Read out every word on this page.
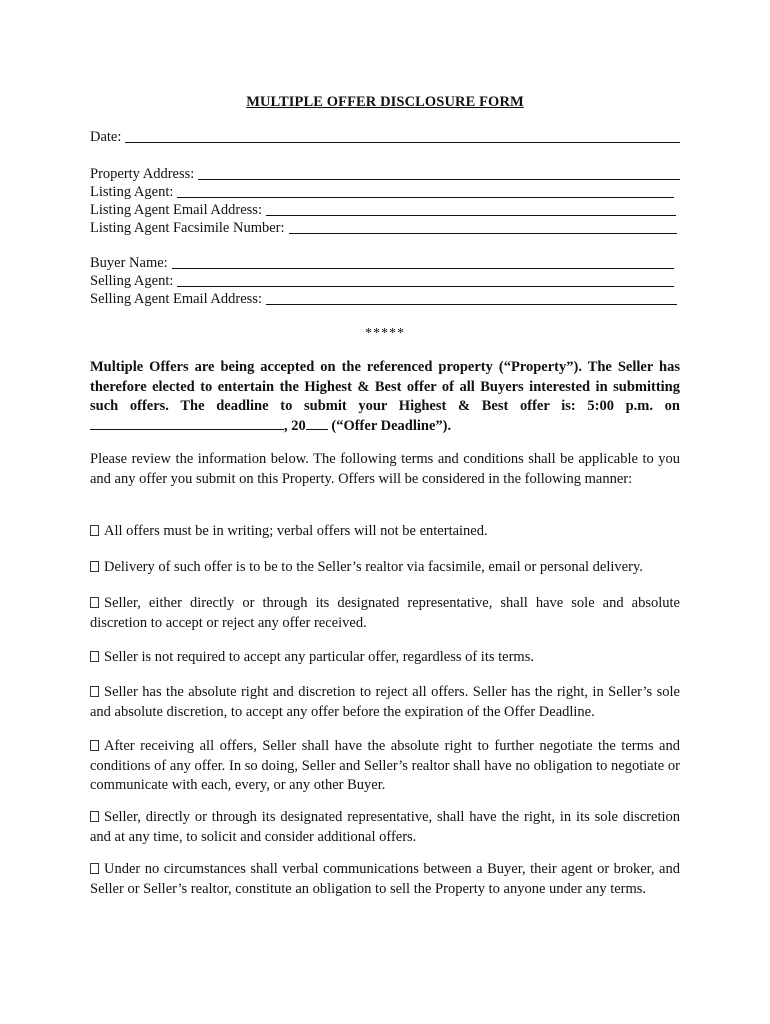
MULTIPLE OFFER DISCLOSURE FORM
Date:
Property Address:
Listing Agent:
Listing Agent Email Address:
Listing Agent Facsimile Number:
Buyer Name:
Selling Agent:
Selling Agent Email Address:
*****

Multiple Offers are being accepted on the referenced property (“Property”). The Seller has therefore elected to entertain the Highest & Best offer of all Buyers interested in submitting such offers. The deadline to submit your Highest & Best offer is: 5:00 p.m. on , 20 (“Offer Deadline”).

Please review the information below. The following terms and conditions shall be applicable to you and any offer you submit on this Property. Offers will be considered in the following manner:

All offers must be in writing; verbal offers will not be entertained.

Delivery of such offer is to be to the Seller’s realtor via facsimile, email or personal delivery.

Seller, either directly or through its designated representative, shall have sole and absolute discretion to accept or reject any offer received.

Seller is not required to accept any particular offer, regardless of its terms.

Seller has the absolute right and discretion to reject all offers. Seller has the right, in Seller’s sole and absolute discretion, to accept any offer before the expiration of the Offer Deadline.

After receiving all offers, Seller shall have the absolute right to further negotiate the terms and conditions of any offer. In so doing, Seller and Seller’s realtor shall have no obligation to negotiate or communicate with each, every, or any other Buyer.

Seller, directly or through its designated representative, shall have the right, in its sole discretion and at any time, to solicit and consider additional offers.

Under no circumstances shall verbal communications between a Buyer, their agent or broker, and Seller or Seller’s realtor, constitute an obligation to sell the Property to anyone under any terms.
